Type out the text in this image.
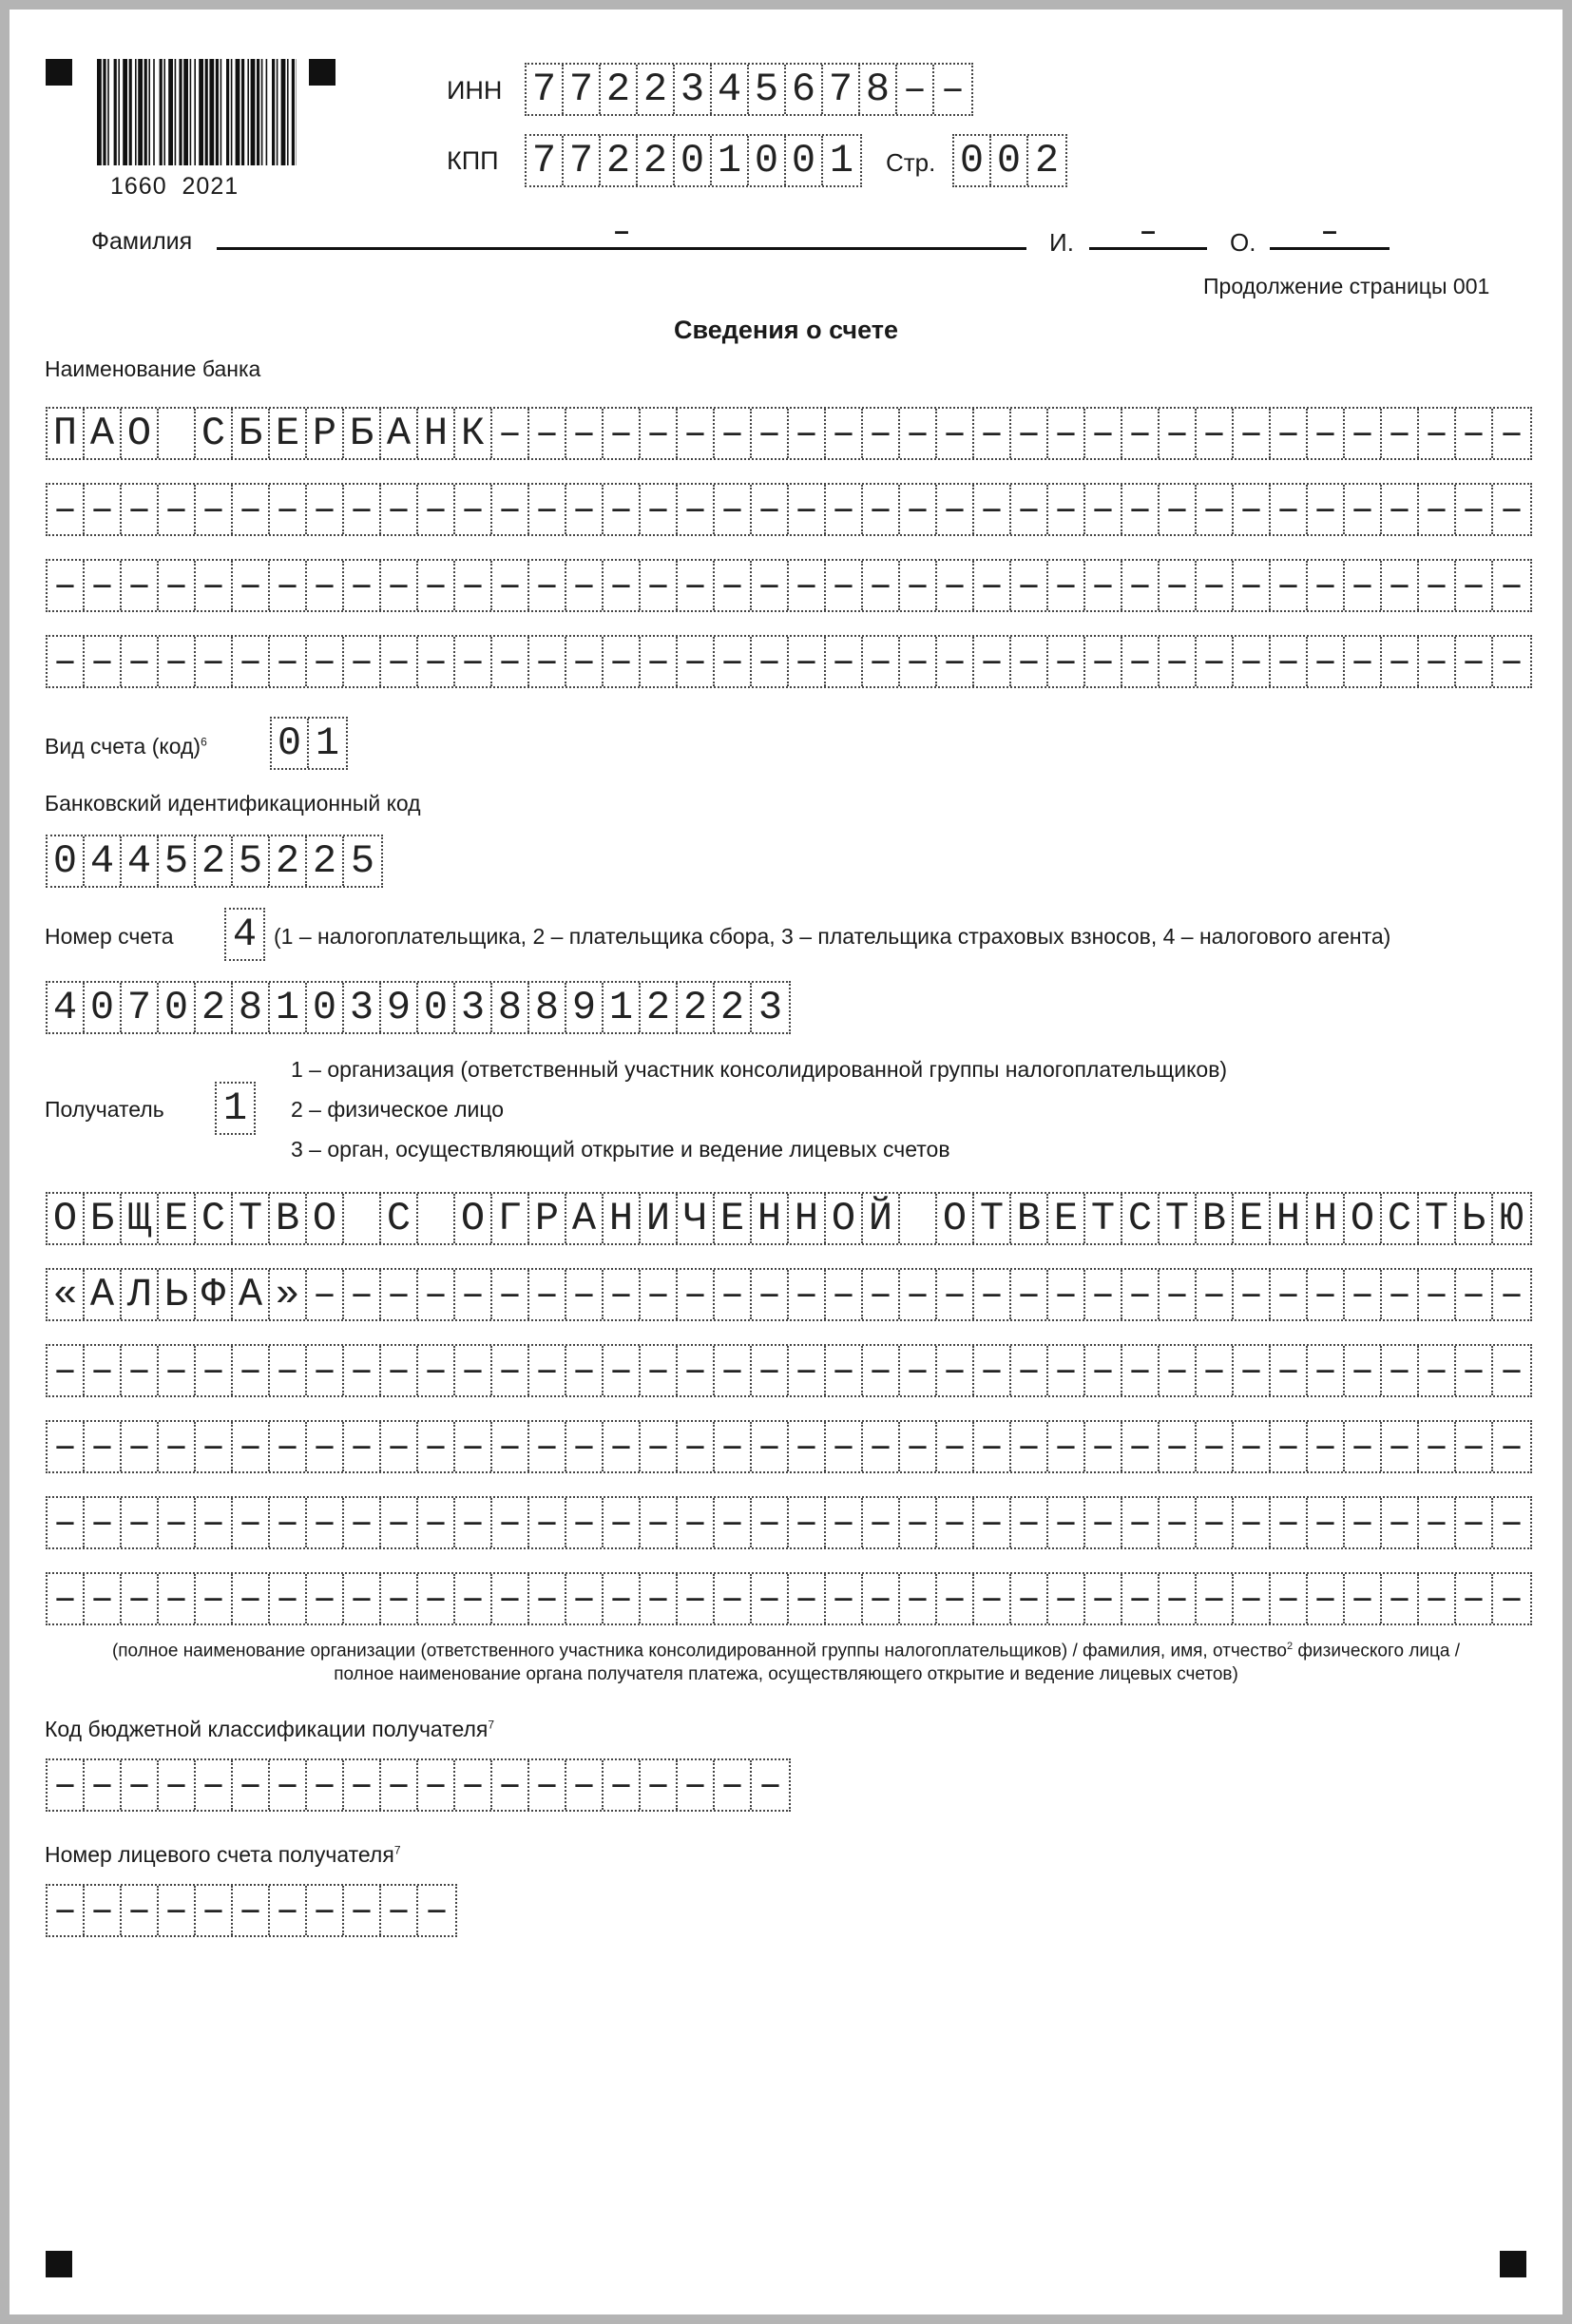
1660 2021
ИНН 7 7 2 2 3 4 5 6 7 8 – –
КПП 7 7 2 2 0 1 0 0 1 Стр. 0 0 2
Фамилия	–	И.	–	О.	–
Продолжение страницы 001
Сведения о счете
Наименование банка
П А О С Б Е Р Б А Н К – – – – – – – – – – – – – – – – – – – – – – – – – – – –
– – – – – – – – – – – – – – – – – – – – – – – – – – – – – – – – – – – – – – – –
– – – – – – – – – – – – – – – – – – – – – – – – – – – – – – – – – – – – – – – –
– – – – – – – – – – – – – – – – – – – – – – – – – – – – – – – – – – – – – – – –
Вид счета (код)$^6$ 0 1
Банковский идентификационный код
0 4 4 5 2 5 2 2 5
Номер счета 4 (1 – налогоплательщика, 2 – плательщика сбора, 3 – плательщика страховых взносов, 4 – налогового агента)
4 0 7 0 2 8 1 0 3 9 0 3 8 8 9 1 2 2 2 3
Получатель 1
1 – организация (ответственный участник консолидированной группы налогоплательщиков)
2 – физическое лицо
3 – орган, осуществляющий открытие и ведение лицевых счетов
О Б Щ Е С Т В О С О Г Р А Н И Ч Е Н Н О Й О Т В Е Т С Т В Е Н Н О С Т Ь Ю
« А Л Ь Ф А » – – – – – – – – – – – – – – – – – – – – – – – – – – – – – – – – –
– – – – – – – – – – – – – – – – – – – – – – – – – – – – – – – – – – – – – – – –
– – – – – – – – – – – – – – – – – – – – – – – – – – – – – – – – – – – – – – – –
– – – – – – – – – – – – – – – – – – – – – – – – – – – – – – – – – – – – – – – –
– – – – – – – – – – – – – – – – – – – – – – – – – – – – – – – – – – – – – – – –
(полное наименование организации (ответственного участника консолидированной группы налогоплательщиков) / фамилия, имя, отчество$^2$ физического лица /
полное наименование органа получателя платежа, осуществляющего открытие и ведение лицевых счетов)
Код бюджетной классификации получателя$^7$
– – – – – – – – – – – – – – – – – – – –
Номер лицевого счета получателя$^7$
– – – – – – – – – – –
